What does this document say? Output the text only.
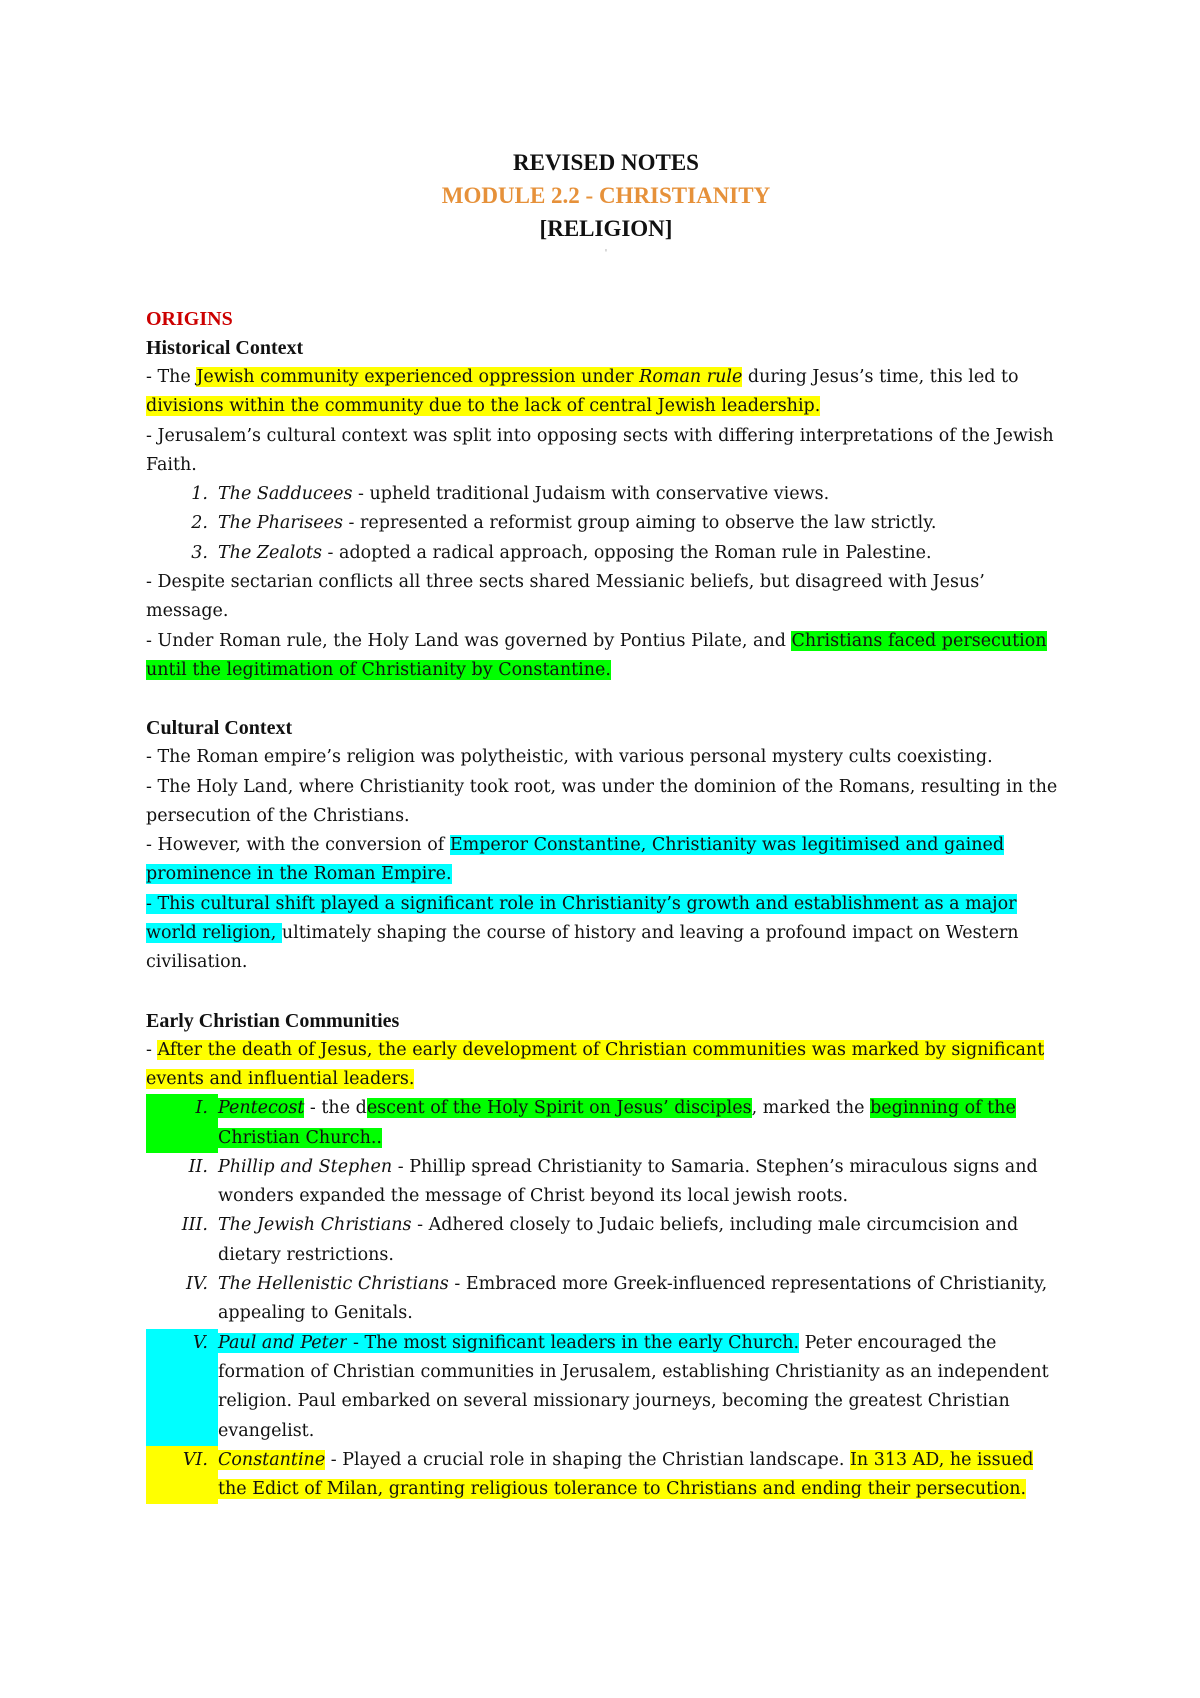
REVISED NOTES
MODULE 2.2 - CHRISTIANITY
[RELIGION]
'
ORIGINS
Historical Context

- The Jewish community experienced oppression under Roman rule during Jesus’s time, this led to divisions within the community due to the lack of central Jewish leadership.

- Jerusalem’s cultural context was split into opposing sects with differing interpretations of the Jewish Faith.

1. The Sadducees - upheld traditional Judaism with conservative views.
2. The Pharisees - represented a reformist group aiming to observe the law strictly.
3. The Zealots - adopted a radical approach, opposing the Roman rule in Palestine.

- Despite sectarian conflicts all three sects shared Messianic beliefs, but disagreed with Jesus’ message.

- Under Roman rule, the Holy Land was governed by Pontius Pilate, and Christians faced persecution until the legitimation of Christianity by Constantine.

Cultural Context

- The Roman empire’s religion was polytheistic, with various personal mystery cults coexisting.

- The Holy Land, where Christianity took root, was under the dominion of the Romans, resulting in the persecution of the Christians.

- However, with the conversion of Emperor Constantine, Christianity was legitimised and gained prominence in the Roman Empire.

- This cultural shift played a significant role in Christianity’s growth and establishment as a major world religion, ultimately shaping the course of history and leaving a profound impact on Western civilisation.

Early Christian Communities

- After the death of Jesus, the early development of Christian communities was marked by significant events and influential leaders.

I. Pentecost - the descent of the Holy Spirit on Jesus’ disciples, marked the beginning of the Christian Church..
II. Phillip and Stephen - Phillip spread Christianity to Samaria. Stephen’s miraculous signs and wonders expanded the message of Christ beyond its local jewish roots.
III. The Jewish Christians - Adhered closely to Judaic beliefs, including male circumcision and dietary restrictions.
IV. The Hellenistic Christians - Embraced more Greek-influenced representations of Christianity, appealing to Genitals.
V. Paul and Peter - The most significant leaders in the early Church. Peter encouraged the formation of Christian communities in Jerusalem, establishing Christianity as an independent religion. Paul embarked on several missionary journeys, becoming the greatest Christian evangelist.
VI. Constantine - Played a crucial role in shaping the Christian landscape. In 313 AD, he issued the Edict of Milan, granting religious tolerance to Christians and ending their persecution.
